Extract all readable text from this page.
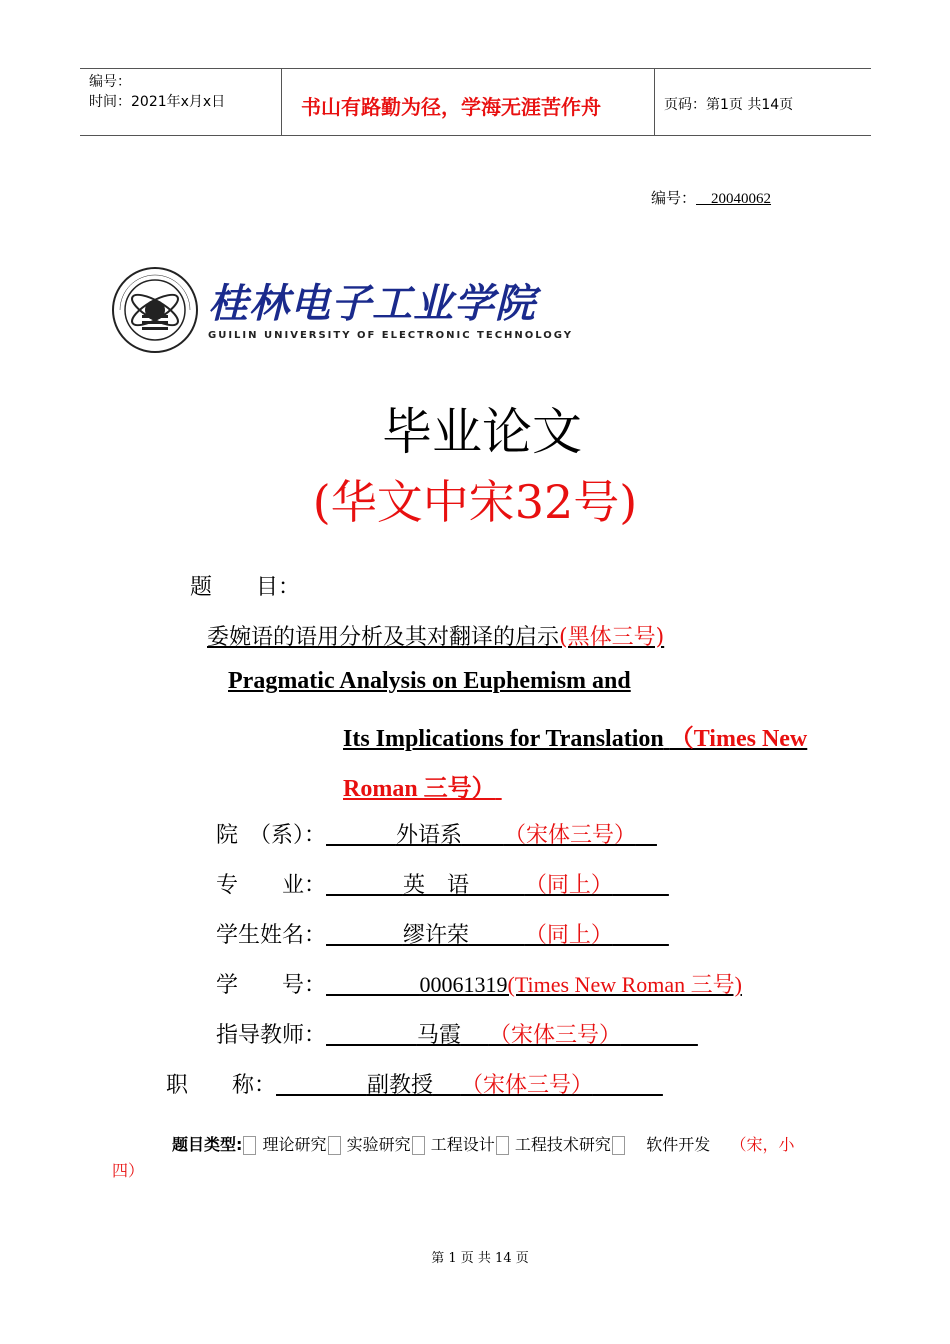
编号：
时间：2021年x月x日	书山有路勤为径，学海无涯苦作舟	页码：第1页 共14页
编号： 20040062
桂林电子工业学院
GUILIN UNIVERSITY OF ELECTRONIC TECHNOLOGY
毕业论文
(华文中宋32号)
题　　目：
委婉语的语用分析及其对翻译的启示(黑体三号)
Pragmatic Analysis on Euphemism and
Its Implications for Translation （Times New
Roman 三号）
院　（系）：	外语系 （宋体三号）
专　　业：	英　语	（同上）
学生姓名：	缪许荣	（同上）
学　　号：	00061319(Times New Roman 三号)
指导教师：	马霞 （宋体三号）
职　　称：	副教授 （宋体三号）
题目类型: 理论研究 实验研究 工程设计 工程技术研究 软件开发 （宋，小
四）
第 1 页 共 14 页
